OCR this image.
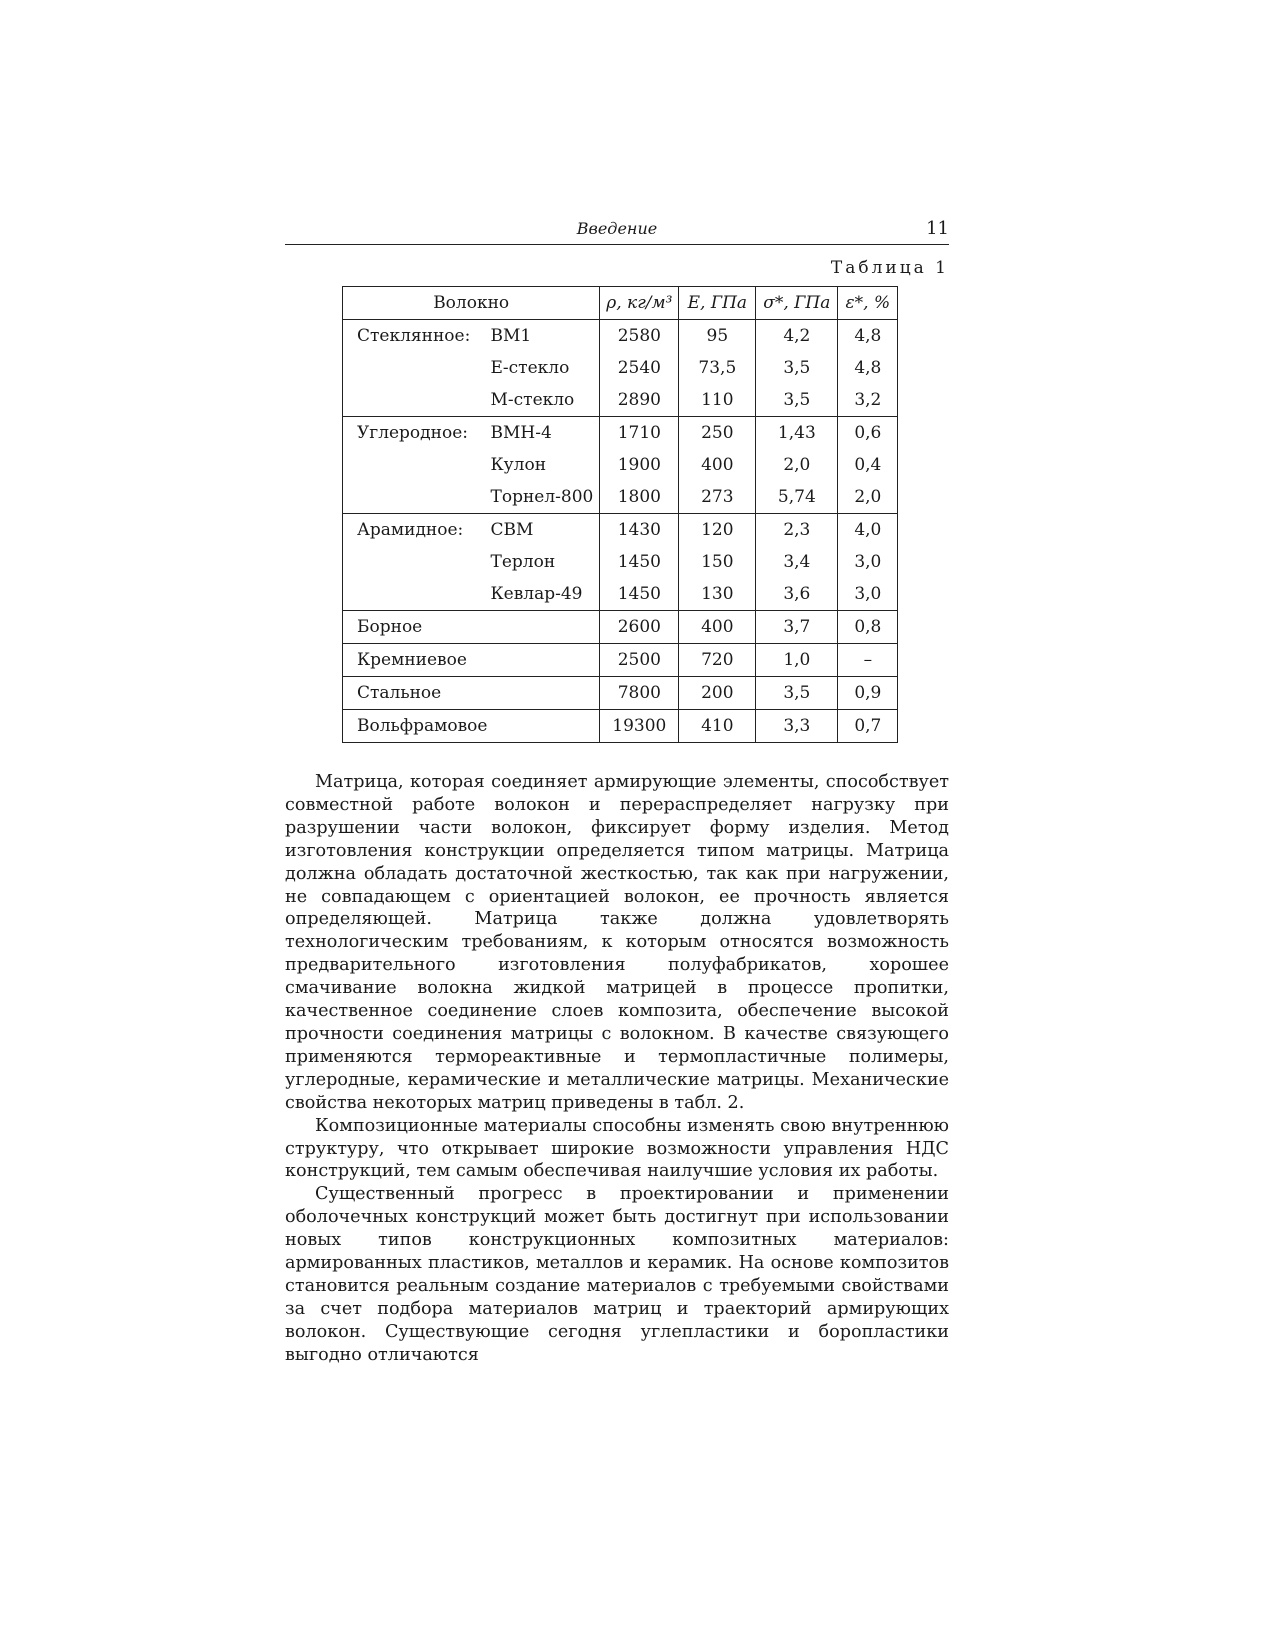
Введение	11
Таблица 1
Волокно		ρ, кг/м³	E, ГПа	σ*, ГПа	ε*, %
Стеклянное:	ВМ1	2580	95	4,2	4,8
	Е-стекло	2540	73,5	3,5	4,8
	М-стекло	2890	110	3,5	3,2
Углеродное:	ВМН-4	1710	250	1,43	0,6
	Кулон	1900	400	2,0	0,4
	Торнел-800	1800	273	5,74	2,0
Арамидное:	СВМ	1430	120	2,3	4,0
	Терлон	1450	150	3,4	3,0
	Кевлар-49	1450	130	3,6	3,0
Борное		2600	400	3,7	0,8
Кремниевое		2500	720	1,0	–
Стальное		7800	200	3,5	0,9
Вольфрамовое		19300	410	3,3	0,7

Матрица, которая соединяет армирующие элементы, способствует совместной работе волокон и перераспределяет нагрузку при разрушении части волокон, фиксирует форму изделия. Метод изготовления конструкции определяется типом матрицы. Матрица должна обладать достаточной жесткостью, так как при нагружении, не совпадающем с ориентацией волокон, ее прочность является определяющей. Матрица также должна удовлетворять технологическим требованиям, к которым относятся возможность предварительного изготовления полуфабрикатов, хорошее смачивание волокна жидкой матрицей в процессе пропитки, качественное соединение слоев композита, обеспечение высокой прочности соединения матрицы с волокном. В качестве связующего применяются термореактивные и термопластичные полимеры, углеродные, керамические и металлические матрицы. Механические свойства некоторых матриц приведены в табл. 2.

Композиционные материалы способны изменять свою внутреннюю структуру, что открывает широкие возможности управления НДС конструкций, тем самым обеспечивая наилучшие условия их работы.

Существенный прогресс в проектировании и применении оболочечных конструкций может быть достигнут при использовании новых типов конструкционных композитных материалов: армированных пластиков, металлов и керамик. На основе композитов становится реальным создание материалов с требуемыми свойствами за счет подбора материалов матриц и траекторий армирующих волокон. Существующие сегодня углепластики и боропластики выгодно отличаются
